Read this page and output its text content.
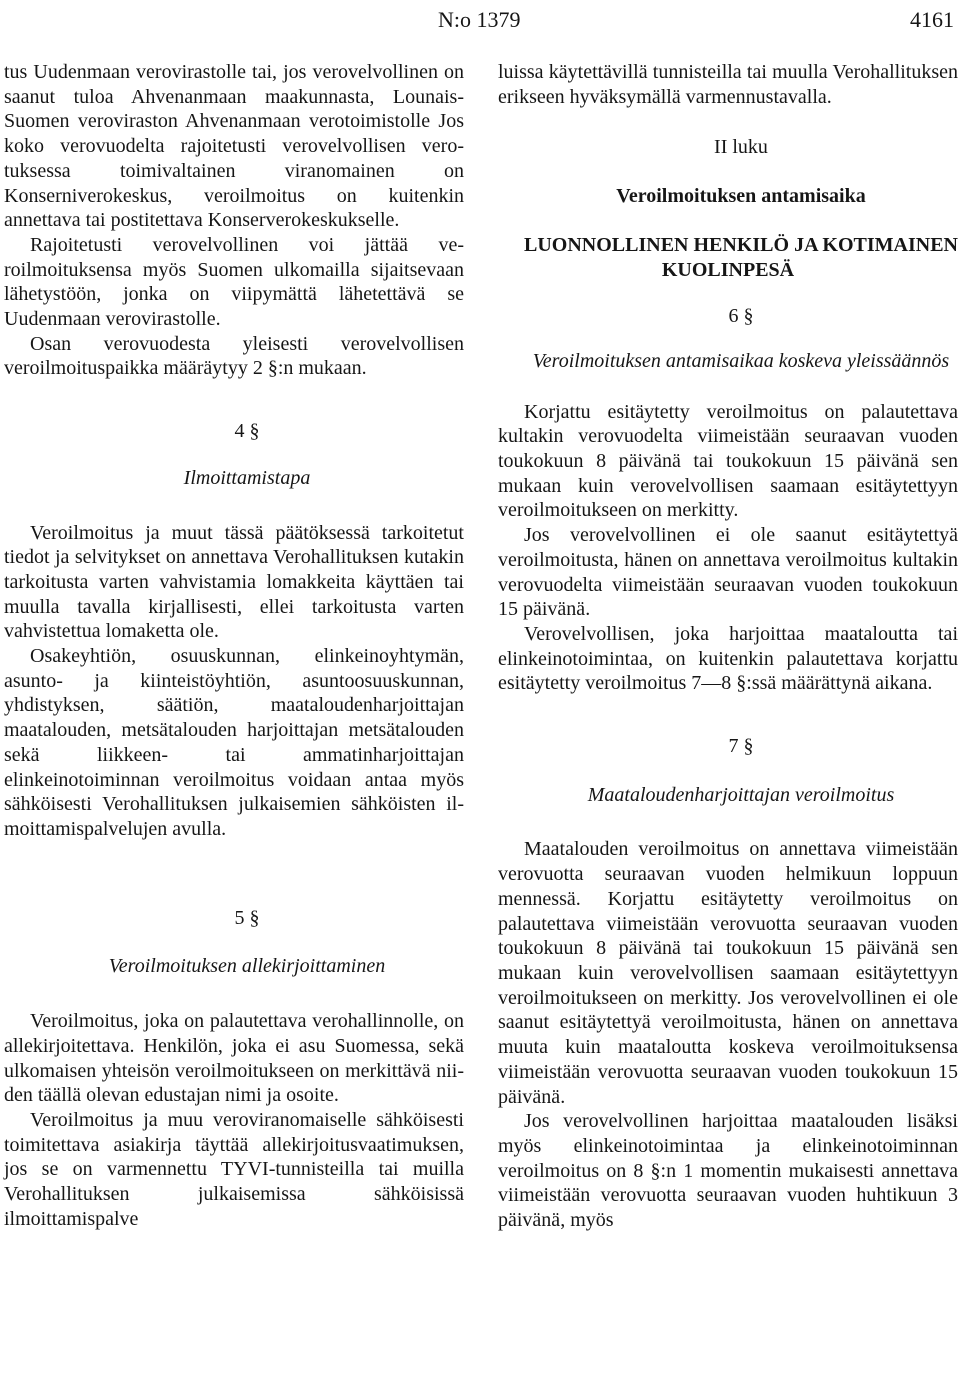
N:o 1379	4161

tus Uudenmaan verovirastolle tai, jos verovelvollinen on saanut tuloa Ahvenanmaan maakunnasta, Lounais-Suomen veroviraston Ahvenanmaan verotoimistolle Jos koko verovuodelta rajoitetusti verovelvollisen verotuksessa toimivaltainen viranomainen on Konserniverokeskus, veroilmoitus on kuitenkin annettava tai postitettava Konserverokeskukselle.

Rajoitetusti verovelvollinen voi jättää veroilmoituksensa myös Suomen ulkomailla sijaitsevaan lähetystöön, jonka on viipymättä lähetettävä se Uudenmaan verovirastolle.

Osan verovuodesta yleisesti verovelvollisen veroilmoituspaikka määräytyy 2 §:n mukaan.

4 §

Ilmoittamistapa

Veroilmoitus ja muut tässä päätöksessä tarkoitetut tiedot ja selvitykset on annettava Verohallituksen kutakin tarkoitusta varten vahvistamia lomakkeita käyttäen tai muulla tavalla kirjallisesti, ellei tarkoitusta varten vahvistettua lomaketta ole.

Osakeyhtiön, osuuskunnan, elinkeinoyhtymän, asunto- ja kiinteistöyhtiön, asuntoosuuskunnan, yhdistyksen, säätiön, maataloudenharjoittajan maatalouden, metsätalouden harjoittajan metsätalouden sekä liikkeen- tai ammatinharjoittajan elinkeinotoiminnan veroilmoitus voidaan antaa myös sähköisesti Verohallituksen julkaisemien sähköisten ilmoittamispalvelujen avulla.

5 §

Veroilmoituksen allekirjoittaminen

Veroilmoitus, joka on palautettava verohallinnolle, on allekirjoitettava. Henkilön, joka ei asu Suomessa, sekä ulkomaisen yhteisön veroilmoitukseen on merkittävä niiden täällä olevan edustajan nimi ja osoite.

Veroilmoitus ja muu veroviranomaiselle sähköisesti toimitettava asiakirja täyttää allekirjoitusvaatimuksen, jos se on varmennettu TYVI-tunnisteilla tai muilla Verohallituksen julkaisemissa sähköisissä ilmoittamispalve

luissa käytettävillä tunnisteilla tai muulla Verohallituksen erikseen hyväksymällä varmennustavalla.

II luku

Veroilmoituksen antamisaika

LUONNOLLINEN HENKILÖ JA KOTIMAINEN KUOLINPESÄ

6 §

Veroilmoituksen antamisaikaa koskeva yleissäännös

Korjattu esitäytetty veroilmoitus on palautettava kultakin verovuodelta viimeistään seuraavan vuoden toukokuun 8 päivänä tai toukokuun 15 päivänä sen mukaan kuin verovelvollisen saamaan esitäytettyyn veroilmoitukseen on merkitty.

Jos verovelvollinen ei ole saanut esitäytettyä veroilmoitusta, hänen on annettava veroilmoitus kultakin verovuodelta viimeistään seuraavan vuoden toukokuun 15 päivänä.

Verovelvollisen, joka harjoittaa maataloutta tai elinkeinotoimintaa, on kuitenkin palautettava korjattu esitäytetty veroilmoitus 7—8 §:ssä määrättynä aikana.

7 §

Maataloudenharjoittajan veroilmoitus

Maatalouden veroilmoitus on annettava viimeistään verovuotta seuraavan vuoden helmikuun loppuun mennessä. Korjattu esitäytetty veroilmoitus on palautettava viimeistään verovuotta seuraavan vuoden toukokuun 8 päivänä tai toukokuun 15 päivänä sen mukaan kuin verovelvollisen saamaan esitäytettyyn veroilmoitukseen on merkitty. Jos verovelvollinen ei ole saanut esitäytettyä veroilmoitusta, hänen on annettava muuta kuin maataloutta koskeva veroilmoituksensa viimeistään verovuotta seuraavan vuoden toukokuun 15 päivänä.

Jos verovelvollinen harjoittaa maatalouden lisäksi myös elinkeinotoimintaa ja elinkeinotoiminnan veroilmoitus on 8 §:n 1 momentin mukaisesti annettava viimeistään verovuotta seuraavan vuoden huhtikuun 3 päivänä, myös
